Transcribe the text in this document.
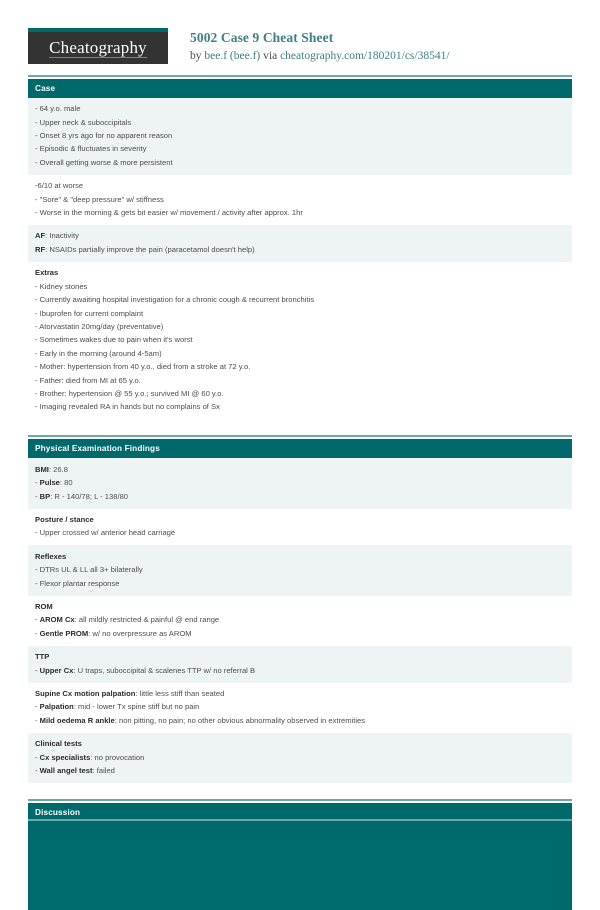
Cheatography	5002 Case 9 Cheat Sheet
by bee.f (bee.f) via cheatography.com/180201/cs/38541/
Case
- 64 y.o. male
- Upper neck & suboccipitals
- Onset 8 yrs ago for no apparent reason
- Episodic & fluctuates in severity
- Overall getting worse & more persistent
-6/10 at worse
- "Sore" & "deep pressure" w/ stiffness
- Worse in the morning & gets bit easier w/ movement / activity after approx. 1hr
AF: Inactivity
RF: NSAIDs partially improve the pain (paracetamol doesn't help)
Extras
- Kidney stones
- Currently awaiting hospital investigation for a chronic cough & recurrent bronchitis
- Ibuprofen for current complaint
- Atorvastatin 20mg/day (preventative)
- Sometimes wakes due to pain when it's worst
- Early in the morning (around 4-5am)
- Mother: hypertension from 40 y.o., died from a stroke at 72 y.o.
- Father: died from MI at 65 y.o.
- Brother: hypertension @ 55 y.o.; survived MI @ 60 y.o.
- Imaging revealed RA in hands but no complains of Sx
Physical Examination Findings
BMI: 26.8
- Pulse: 80
- BP: R - 140/78; L - 138/80
Posture / stance
- Upper crossed w/ anterior head carriage
Reflexes
- DTRs UL & LL all 3+ bilaterally
- Flexor plantar response
ROM
- AROM Cx: all mildly restricted & painful @ end range
- Gentle PROM: w/ no overpressure as AROM
TTP
- Upper Cx: U traps, suboccipital & scalenes TTP w/ no referral B
Supine Cx motion palpation: little less stiff than seated
- Palpation: mid - lower Tx spine stiff but no pain
- Mild oedema R ankle: non pitting, no pain; no other obvious abnormality observed in extremities
Clinical tests
- Cx specialists: no provocation
- Wall angel test: failed
Discussion
